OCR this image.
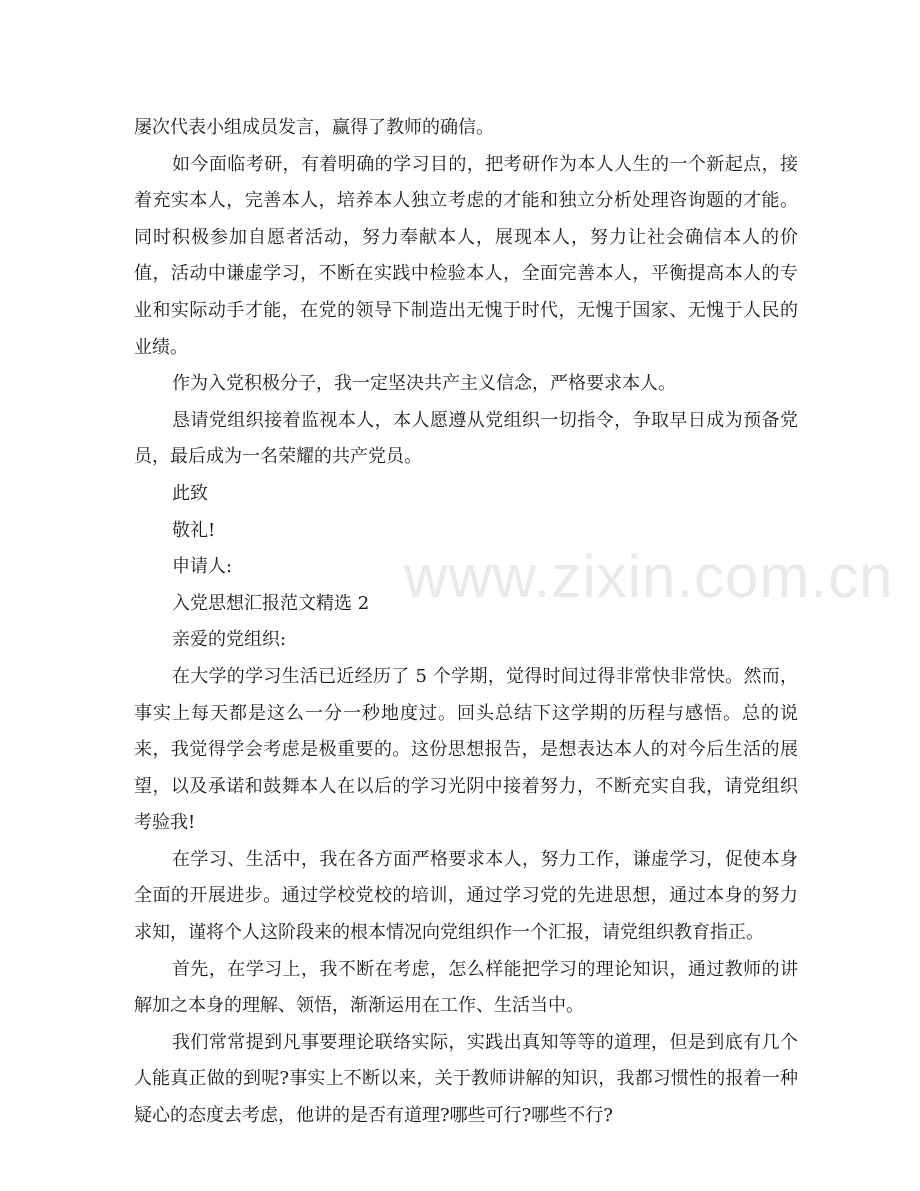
屡次代表小组成员发言，赢得了教师的确信。

如今面临考研，有着明确的学习目的，把考研作为本人人生的一个新起点，接着充实本人，完善本人，培养本人独立考虑的才能和独立分析处理咨询题的才能。同时积极参加自愿者活动，努力奉献本人，展现本人，努力让社会确信本人的价值，活动中谦虚学习，不断在实践中检验本人，全面完善本人，平衡提高本人的专业和实际动手才能，在党的领导下制造出无愧于时代，无愧于国家、无愧于人民的业绩。

作为入党积极分子，我一定坚决共产主义信念，严格要求本人。

恳请党组织接着监视本人，本人愿遵从党组织一切指令，争取早日成为预备党员，最后成为一名荣耀的共产党员。

此致

敬礼!

申请人:

入党思想汇报范文精选 2

亲爱的党组织:

在大学的学习生活已近经历了 5 个学期，觉得时间过得非常快非常快。然而，事实上每天都是这么一分一秒地度过。回头总结下这学期的历程与感悟。总的说来，我觉得学会考虑是极重要的。这份思想报告，是想表达本人的对今后生活的展望，以及承诺和鼓舞本人在以后的学习光阴中接着努力，不断充实自我，请党组织考验我!

在学习、生活中，我在各方面严格要求本人，努力工作，谦虚学习，促使本身全面的开展进步。通过学校党校的培训，通过学习党的先进思想，通过本身的努力求知，谨将个人这阶段来的根本情况向党组织作一个汇报，请党组织教育指正。

首先，在学习上，我不断在考虑，怎么样能把学习的理论知识，通过教师的讲解加之本身的理解、领悟，渐渐运用在工作、生活当中。

我们常常提到凡事要理论联络实际，实践出真知等等的道理，但是到底有几个人能真正做的到呢?事实上不断以来，关于教师讲解的知识，我都习惯性的报着一种疑心的态度去考虑，他讲的是否有道理?哪些可行?哪些不行?

www.zixin.com.cn
